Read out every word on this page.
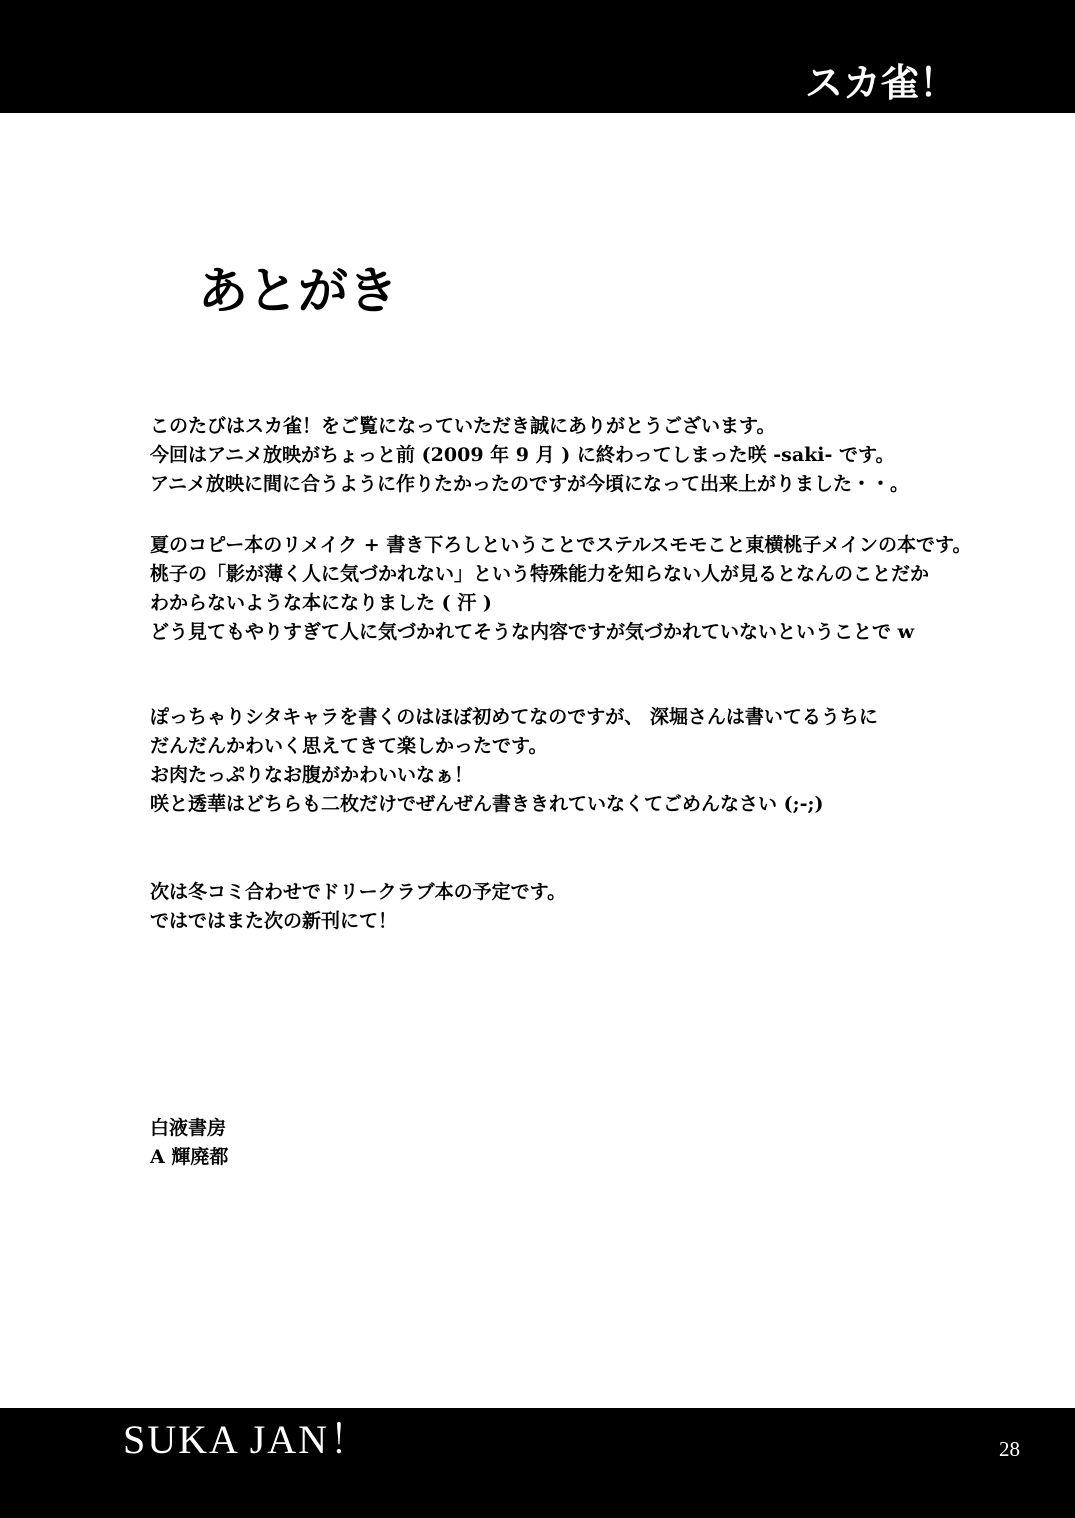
スカ雀！
あとがき
このたびはスカ雀！をご覧になっていただき誠にありがとうございます。
今回はアニメ放映がちょっと前 (2009 年 9 月 ) に終わってしまった咲 -saki- です。
アニメ放映に間に合うように作りたかったのですが今頃になって出来上がりました・・。
夏のコピー本のリメイク + 書き下ろしということでステルスモモこと東横桃子メインの本です。
桃子の「影が薄く人に気づかれない」という特殊能力を知らない人が見るとなんのことだか
わからないような本になりました ( 汗 )
どう見てもやりすぎて人に気づかれてそうな内容ですが気づかれていないということで w
ぽっちゃりシタキャラを書くのはほぼ初めてなのですが、 深堀さんは書いてるうちに
だんだんかわいく思えてきて楽しかったです。
お肉たっぷりなお腹がかわいいなぁ！
咲と透華はどちらも二枚だけでぜんぜん書ききれていなくてごめんなさい (;-;)
次は冬コミ合わせでドリークラブ本の予定です。
ではではまた次の新刊にて！
白液書房
A 輝廃都
SUKA JAN！	28
